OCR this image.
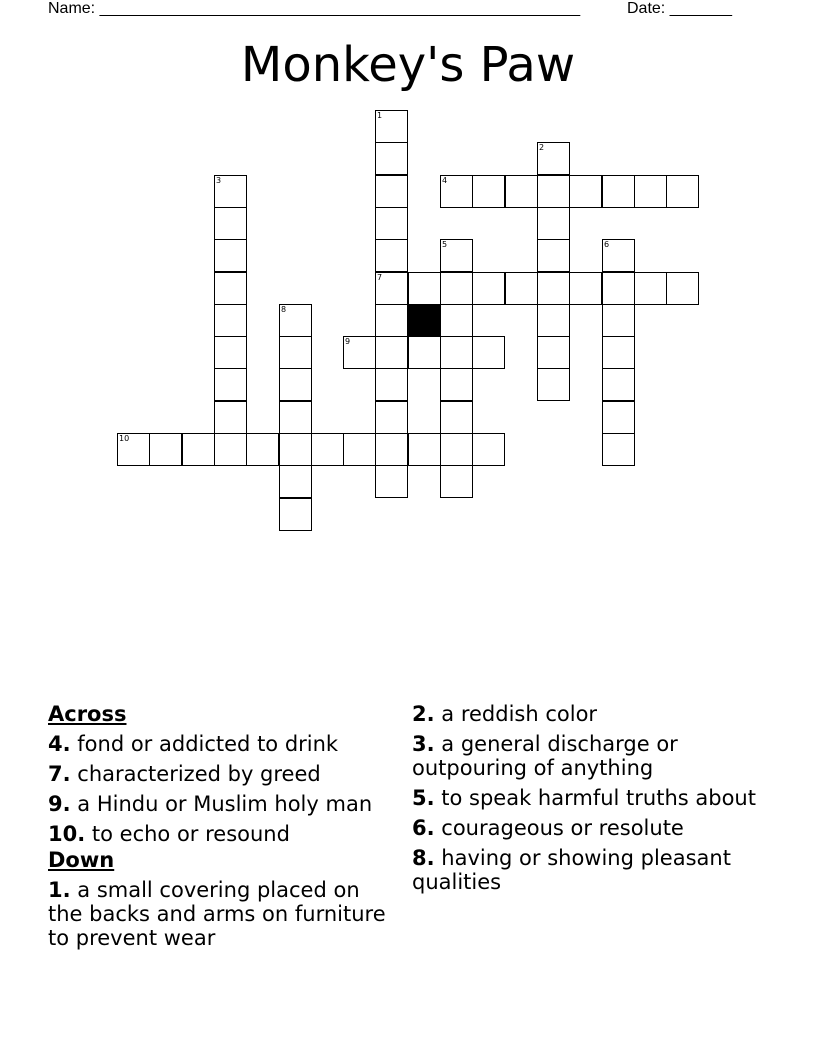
Name: ______________________________________________________	Date: _______
Monkey's Paw
1
7
2
3	4
5	6
8
9
10
Across
4. fond or addicted to drink
7. characterized by greed
9. a Hindu or Muslim holy man
10. to echo or resound
Down
1. a small covering placed on the backs and arms on furniture to prevent wear
2. a reddish color
3. a general discharge or outpouring of anything
5. to speak harmful truths about
6. courageous or resolute
8. having or showing pleasant qualities
